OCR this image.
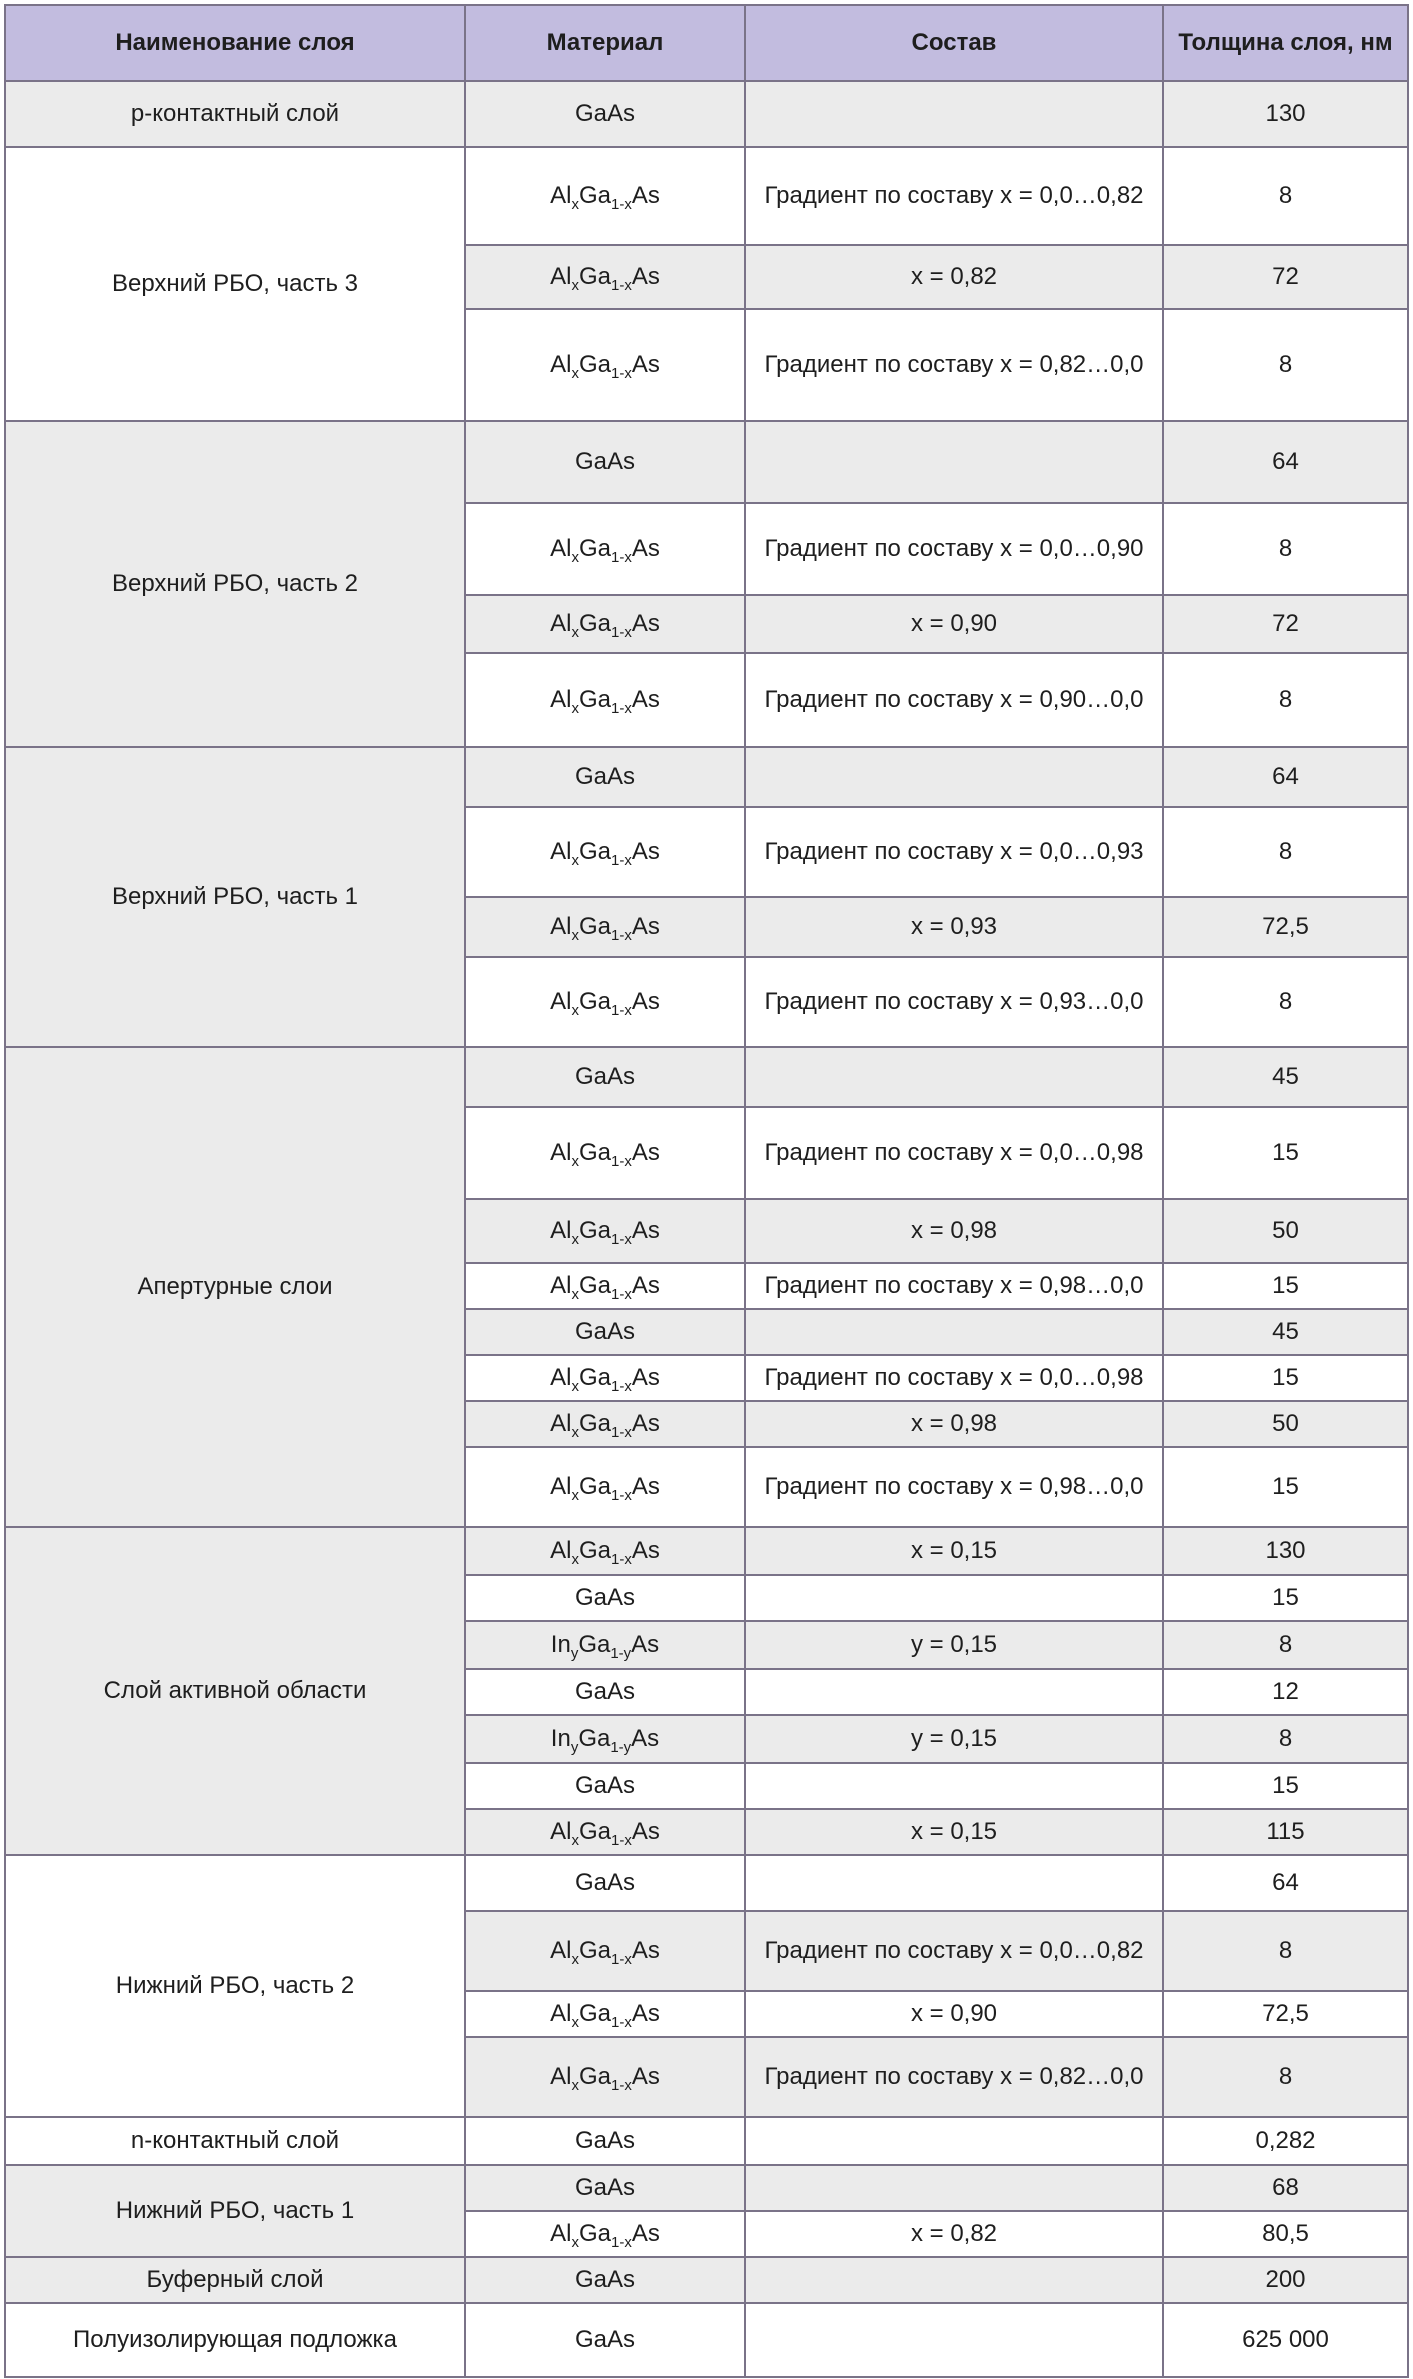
Наименование слоя	Материал	Состав	Толщина слоя, нм
p-контактный слой	GaAs		130
Верхний РБО, часть 3	$Al_xGa_{1-x}As$	Градиент по составу x = 0,0…0,82	8
	$Al_xGa_{1-x}As$	x = 0,82	72
	$Al_xGa_{1-x}As$	Градиент по составу x = 0,82…0,0	8
Верхний РБО, часть 2	GaAs		64
	$Al_xGa_{1-x}As$	Градиент по составу x = 0,0…0,90	8
	$Al_xGa_{1-x}As$	x = 0,90	72
	$Al_xGa_{1-x}As$	Градиент по составу x = 0,90…0,0	8
Верхний РБО, часть 1	GaAs		64
	$Al_xGa_{1-x}As$	Градиент по составу x = 0,0…0,93	8
	$Al_xGa_{1-x}As$	x = 0,93	72,5
	$Al_xGa_{1-x}As$	Градиент по составу x = 0,93…0,0	8
Апертурные слои	GaAs		45
	$Al_xGa_{1-x}As$	Градиент по составу x = 0,0…0,98	15
	$Al_xGa_{1-x}As$	x = 0,98	50
	$Al_xGa_{1-x}As$	Градиент по составу x = 0,98…0,0	15
	GaAs		45
	$Al_xGa_{1-x}As$	Градиент по составу x = 0,0…0,98	15
	$Al_xGa_{1-x}As$	x = 0,98	50
	$Al_xGa_{1-x}As$	Градиент по составу x = 0,98…0,0	15
Слой активной области	$Al_xGa_{1-x}As$	x = 0,15	130
	GaAs		15
	$In_yGa_{1-y}As$	y = 0,15	8
	GaAs		12
	$In_yGa_{1-y}As$	y = 0,15	8
	GaAs		15
	$Al_xGa_{1-x}As$	x = 0,15	115
Нижний РБО, часть 2	GaAs		64
	$Al_xGa_{1-x}As$	Градиент по составу x = 0,0…0,82	8
	$Al_xGa_{1-x}As$	x = 0,90	72,5
	$Al_xGa_{1-x}As$	Градиент по составу x = 0,82…0,0	8
n-контактный слой	GaAs		0,282
Нижний РБО, часть 1	GaAs		68
	$Al_xGa_{1-x}As$	x = 0,82	80,5
Буферный слой	GaAs		200
Полуизолирующая подложка	GaAs		625 000
